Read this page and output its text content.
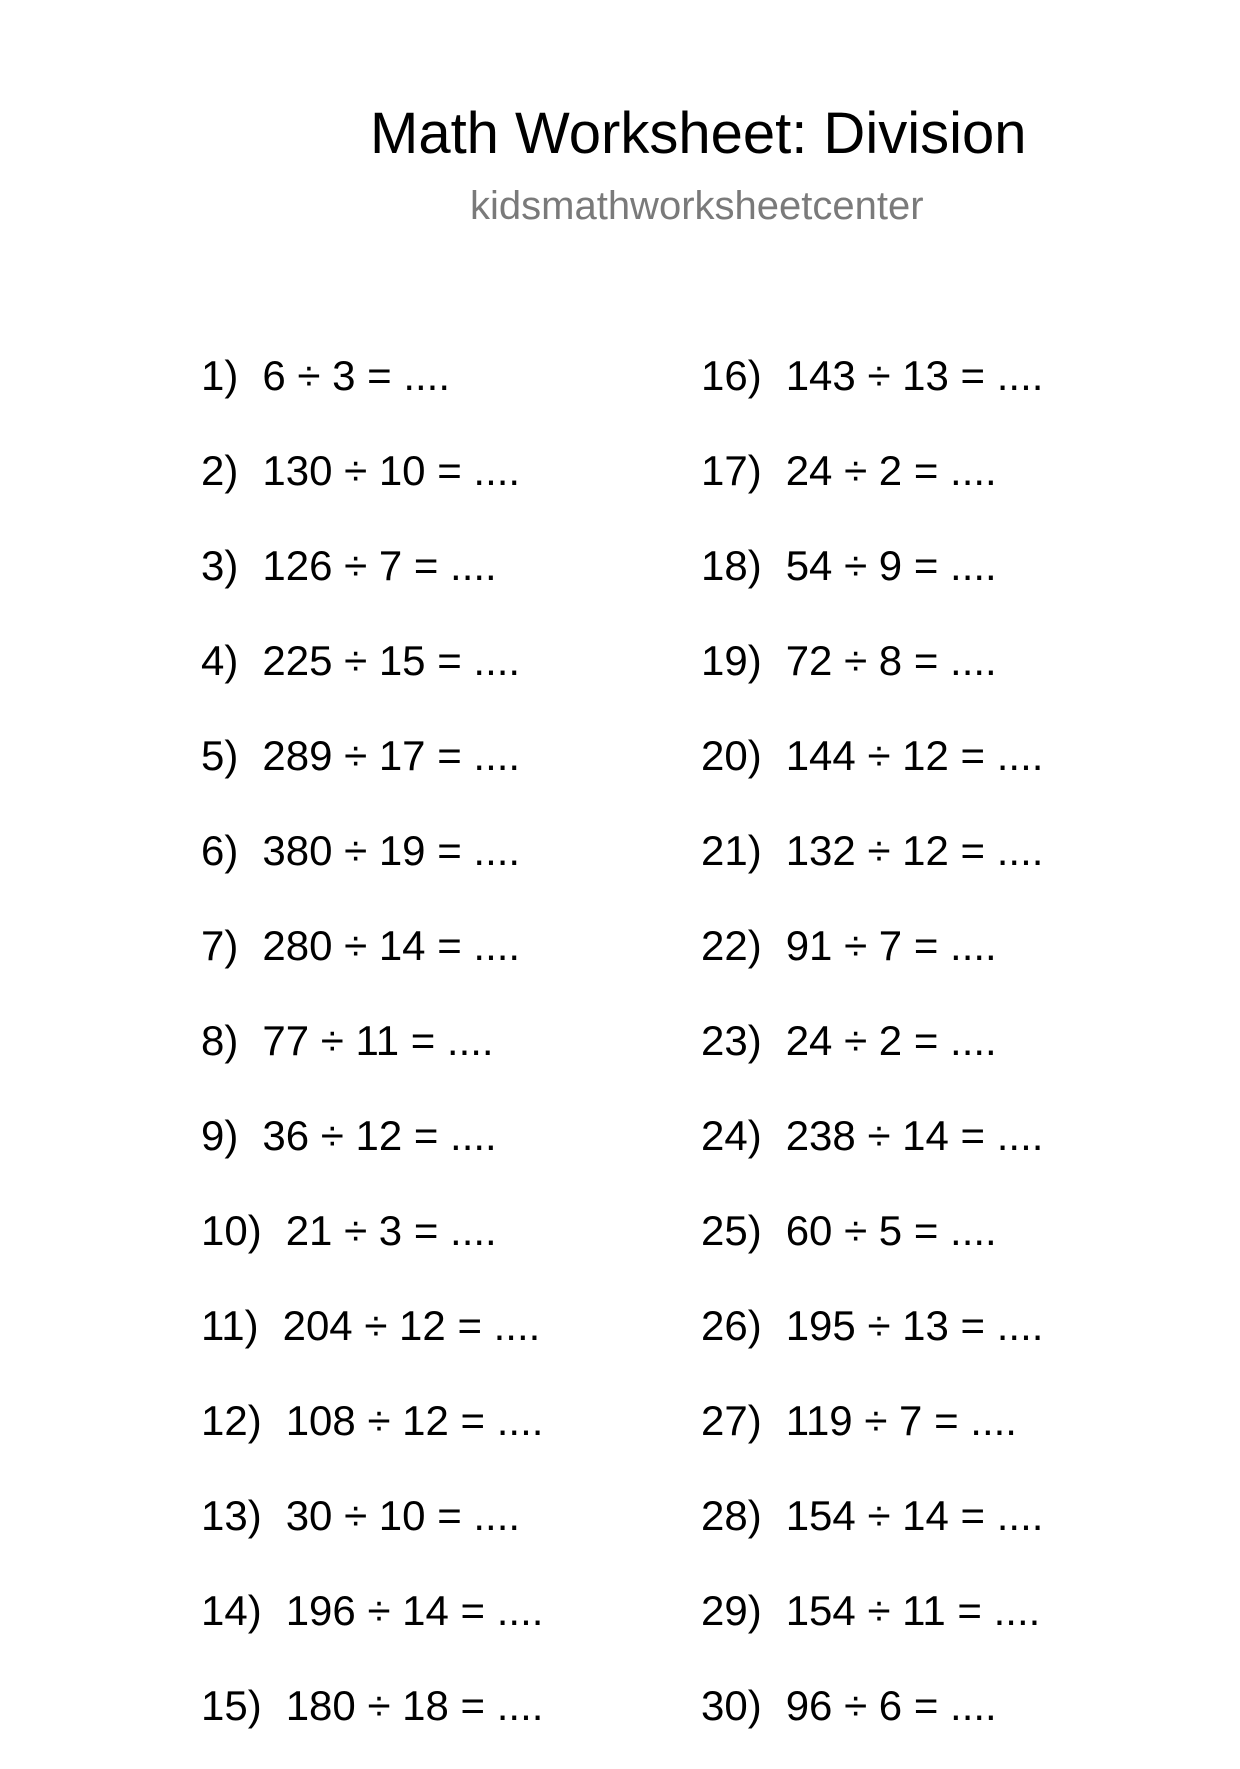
Math Worksheet: Division
kidsmathworksheetcenter
1) 6 ÷ 3 = ....
2) 130 ÷ 10 = ....
3) 126 ÷ 7 = ....
4) 225 ÷ 15 = ....
5) 289 ÷ 17 = ....
6) 380 ÷ 19 = ....
7) 280 ÷ 14 = ....
8) 77 ÷ 11 = ....
9) 36 ÷ 12 = ....
10) 21 ÷ 3 = ....
11) 204 ÷ 12 = ....
12) 108 ÷ 12 = ....
13) 30 ÷ 10 = ....
14) 196 ÷ 14 = ....
15) 180 ÷ 18 = ....
16) 143 ÷ 13 = ....
17) 24 ÷ 2 = ....
18) 54 ÷ 9 = ....
19) 72 ÷ 8 = ....
20) 144 ÷ 12 = ....
21) 132 ÷ 12 = ....
22) 91 ÷ 7 = ....
23) 24 ÷ 2 = ....
24) 238 ÷ 14 = ....
25) 60 ÷ 5 = ....
26) 195 ÷ 13 = ....
27) 119 ÷ 7 = ....
28) 154 ÷ 14 = ....
29) 154 ÷ 11 = ....
30) 96 ÷ 6 = ....
